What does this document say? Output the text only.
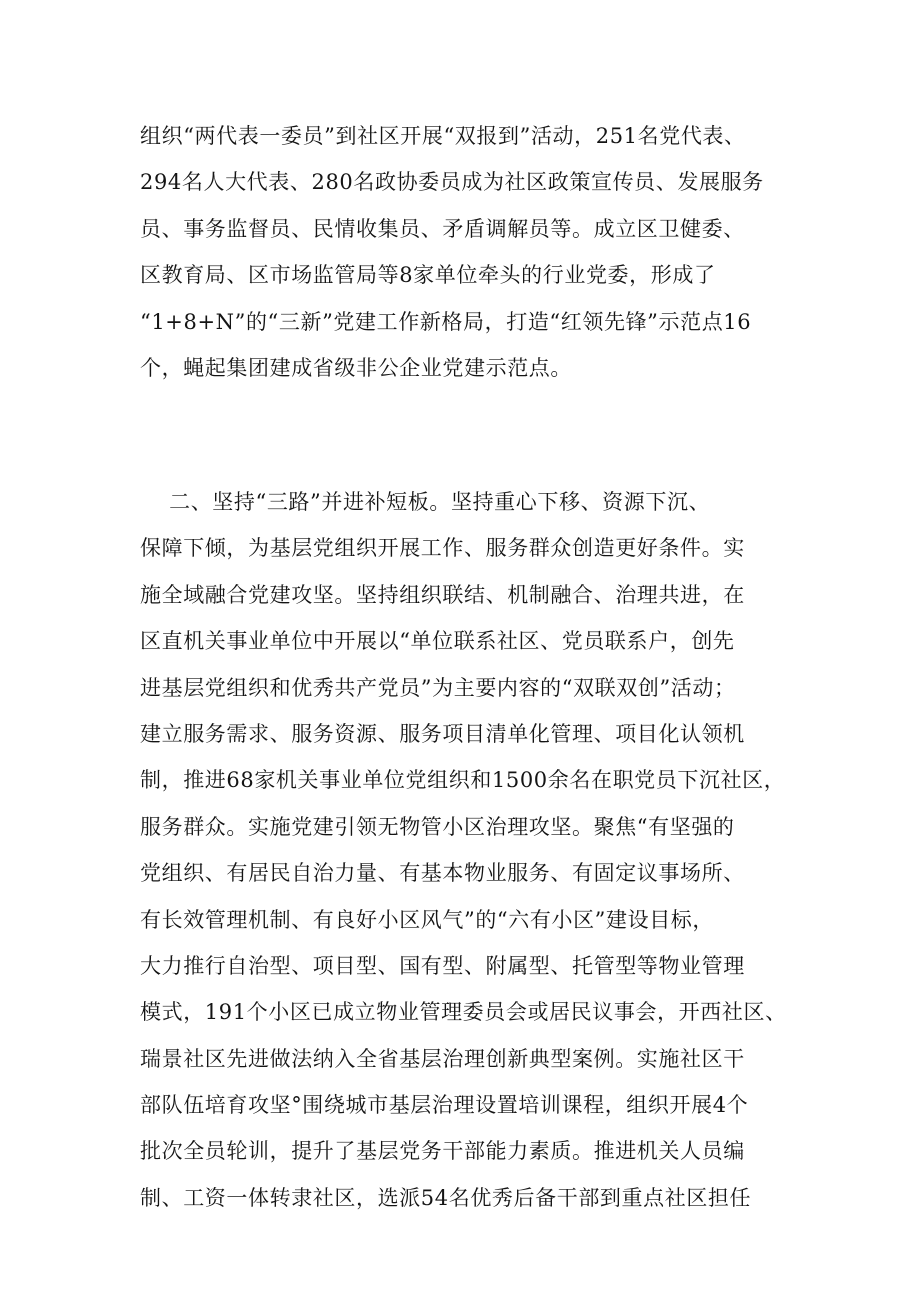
组织“两代表一委员”到社区开展“双报到”活动，251名党代表、
294名人大代表、280名政协委员成为社区政策宣传员、发展服务
员、事务监督员、民情收集员、矛盾调解员等。成立区卫健委、
区教育局、区市场监管局等8家单位牵头的行业党委，形成了
“1+8+N”的“三新”党建工作新格局，打造“红领先锋”示范点16
个，蝇起集团建成省级非公企业党建示范点。
二、坚持“三路”并进补短板。坚持重心下移、资源下沉、
保障下倾，为基层党组织开展工作、服务群众创造更好条件。实
施全域融合党建攻坚。坚持组织联结、机制融合、治理共进，在
区直机关事业单位中开展以“单位联系社区、党员联系户，创先
进基层党组织和优秀共产党员”为主要内容的“双联双创”活动；
建立服务需求、服务资源、服务项目清单化管理、项目化认领机
制，推进68家机关事业单位党组织和1500余名在职党员下沉社区，
服务群众。实施党建引领无物管小区治理攻坚。聚焦“有坚强的
党组织、有居民自治力量、有基本物业服务、有固定议事场所、
有长效管理机制、有良好小区风气”的“六有小区”建设目标，
大力推行自治型、项目型、国有型、附属型、托管型等物业管理
模式，191个小区已成立物业管理委员会或居民议事会，开西社区、
瑞景社区先进做法纳入全省基层治理创新典型案例。实施社区干
部队伍培育攻坚°围绕城市基层治理设置培训课程，组织开展4个
批次全员轮训，提升了基层党务干部能力素质。推进机关人员编
制、工资一体转隶社区，选派54名优秀后备干部到重点社区担任
